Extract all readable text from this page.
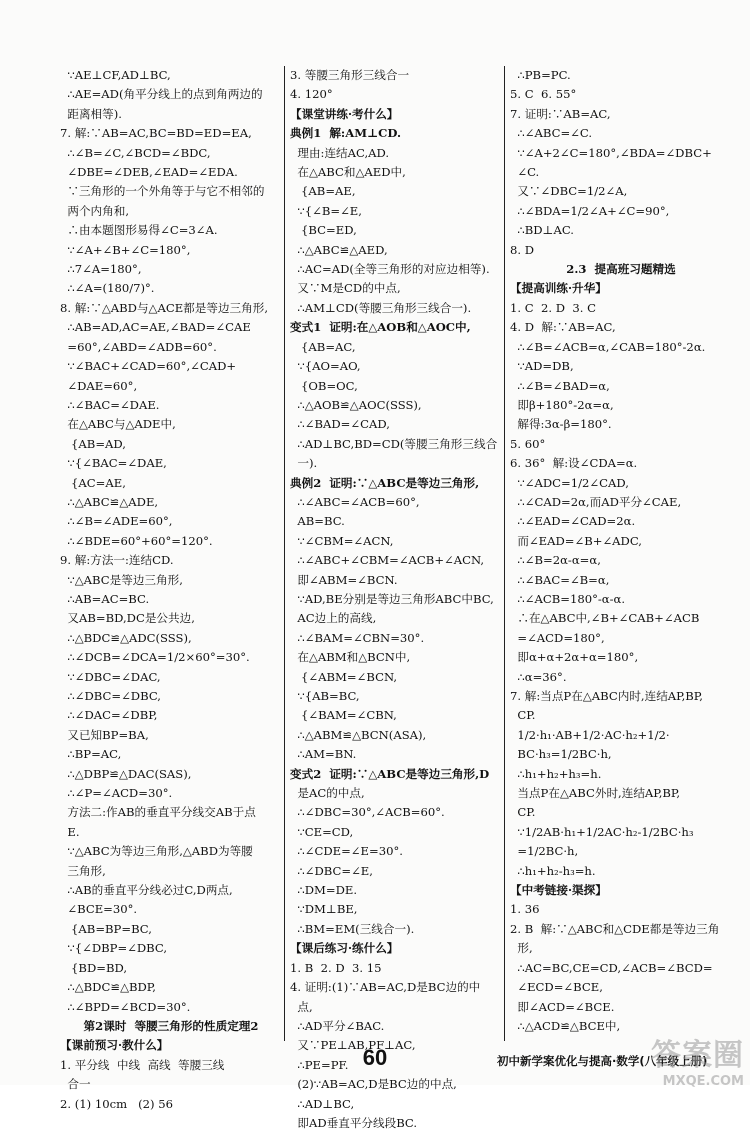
∵AE⊥CF,AD⊥BC,
∴AE=AD(角平分线上的点到角两边的
距离相等).
7. 解:∵AB=AC,BC=BD=ED=EA,
∴∠B=∠C,∠BCD=∠BDC,
∠DBE=∠DEB,∠EAD=∠EDA.
∵三角形的一个外角等于与它不相邻的
两个内角和,
∴由本题图形易得∠C=3∠A.
∵∠A+∠B+∠C=180°,
∴7∠A=180°,
∴∠A=(180/7)°.
8. 解:∵△ABD与△ACE都是等边三角形,
∴AB=AD,AC=AE,∠BAD=∠CAE
=60°,∠ABD=∠ADB=60°.
∵∠BAC+∠CAD=60°,∠CAD+
∠DAE=60°,
∴∠BAC=∠DAE.
在△ABC与△ADE中,
{AB=AD,
∵{∠BAC=∠DAE,
{AC=AE,
∴△ABC≌△ADE,
∴∠B=∠ADE=60°,
∴∠BDE=60°+60°=120°.
9. 解:方法一:连结CD.
∵△ABC是等边三角形,
∴AB=AC=BC.
又AB=BD,DC是公共边,
∴△BDC≌△ADC(SSS),
∴∠DCB=∠DCA=1/2×60°=30°.
∵∠DBC=∠DAC,
∴∠DBC=∠DBC,
∴∠DAC=∠DBP,
又已知BP=BA,
∴BP=AC,
∴△DBP≌△DAC(SAS),
∴∠P=∠ACD=30°.
方法二:作AB的垂直平分线交AB于点
E.
∵△ABC为等边三角形,△ABD为等腰
三角形,
∴AB的垂直平分线必过C,D两点,
∠BCE=30°.
{AB=BP=BC,
∵{∠DBP=∠DBC,
{BD=BD,
∴△BDC≌△BDP,
∴∠BPD=∠BCD=30°.
第2课时  等腰三角形的性质定理2
【课前预习·教什么】
1. 平分线  中线  高线  等腰三线
合一
2. (1) 10cm   (2) 56
3. 等腰三角形三线合一
4. 120°
【课堂讲练·考什么】
典例1  解:AM⊥CD.
理由:连结AC,AD.
在△ABC和△AED中,
{AB=AE,
∵{∠B=∠E,
{BC=ED,
∴△ABC≌△AED,
∴AC=AD(全等三角形的对应边相等).
又∵M是CD的中点,
∴AM⊥CD(等腰三角形三线合一).
变式1  证明:在△AOB和△AOC中,
{AB=AC,
∵{AO=AO,
{OB=OC,
∴△AOB≌△AOC(SSS),
∴∠BAD=∠CAD,
∴AD⊥BC,BD=CD(等腰三角形三线合
一).
典例2  证明:∵△ABC是等边三角形,
∴∠ABC=∠ACB=60°,
AB=BC.
∵∠CBM=∠ACN,
∴∠ABC+∠CBM=∠ACB+∠ACN,
即∠ABM=∠BCN.
∵AD,BE分别是等边三角形ABC中BC,
AC边上的高线,
∴∠BAM=∠CBN=30°.
在△ABM和△BCN中,
{∠ABM=∠BCN,
∵{AB=BC,
{∠BAM=∠CBN,
∴△ABM≌△BCN(ASA),
∴AM=BN.
变式2  证明:∵△ABC是等边三角形,D
是AC的中点,
∴∠DBC=30°,∠ACB=60°.
∵CE=CD,
∴∠CDE=∠E=30°.
∴∠DBC=∠E,
∴DM=DE.
∵DM⊥BE,
∴BM=EM(三线合一).
【课后练习·练什么】
1. B  2. D  3. 15
4. 证明:(1)∵AB=AC,D是BC边的中
点,
∴AD平分∠BAC.
又∵PE⊥AB,PF⊥AC,
∴PE=PF.
(2)∵AB=AC,D是BC边的中点,
∴AD⊥BC,
即AD垂直平分线段BC.
∴PB=PC.
5. C  6. 55°
7. 证明:∵AB=AC,
∴∠ABC=∠C.
∵∠A+2∠C=180°,∠BDA=∠DBC+
∠C.
又∵∠DBC=1/2∠A,
∴∠BDA=1/2∠A+∠C=90°,
∴BD⊥AC.
8. D
2.3  提高班习题精选
【提高训练·升华】
1. C  2. D  3. C
4. D  解:∵AB=AC,
∴∠B=∠ACB=α,∠CAB=180°-2α.
∵AD=DB,
∴∠B=∠BAD=α,
即β+180°-2α=α,
解得:3α-β=180°.
5. 60°
6. 36°  解:设∠CDA=α.
∵∠ADC=1/2∠CAD,
∴∠CAD=2α,而AD平分∠CAE,
∴∠EAD=∠CAD=2α.
而∠EAD=∠B+∠ADC,
∴∠B=2α-α=α,
∴∠BAC=∠B=α,
∴∠ACB=180°-α-α.
∴在△ABC中,∠B+∠CAB+∠ACB
=∠ACD=180°,
即α+α+2α+α=180°,
∴α=36°.
7. 解:当点P在△ABC内时,连结AP,BP,
CP.
1/2·h₁·AB+1/2·AC·h₂+1/2·
BC·h₃=1/2BC·h,
∴h₁+h₂+h₃=h.
当点P在△ABC外时,连结AP,BP,
CP.
∵1/2AB·h₁+1/2AC·h₂-1/2BC·h₃
=1/2BC·h,
∴h₁+h₂-h₃=h.
【中考链接·渠探】
1. 36
2. B  解:∵△ABC和△CDE都是等边三角
形,
∴AC=BC,CE=CD,∠ACB=∠BCD=
∠ECD=∠BCE,
即∠ACD=∠BCE.
∴△ACD≌△BCE中,
60	初中新学案优化与提高·数学(八年级上册)
答案圈
MXQE.COM
